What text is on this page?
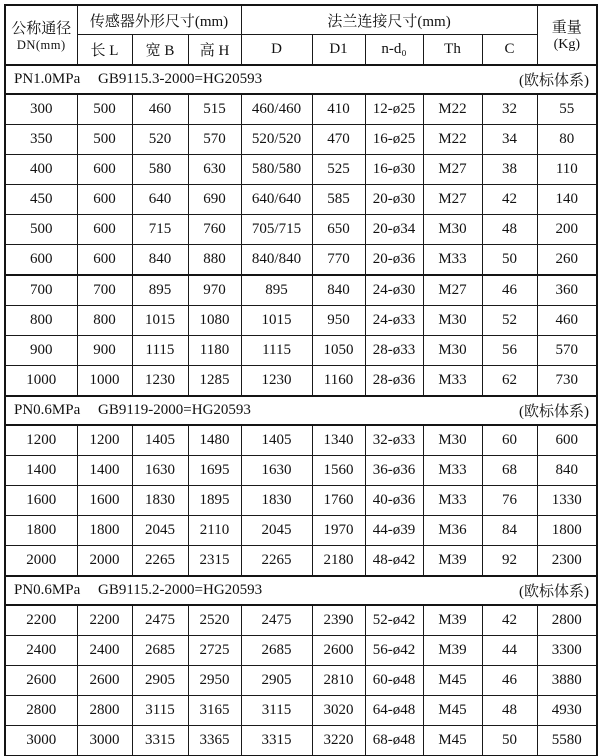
公称通径
DN(mm)
	传感器外形尺寸(mm)	法兰连接尺寸(mm)	重量
(Kg)

	长 L	宽 B	高 H	D	D1	n-d₀	Th	C	

PN1.0MPa GB9115.3-2000=HG20593 (欧标体系)									

300	500	460	515	460/460	410	12-ø25	M22	32	55
350	500	520	570	520/520	470	16-ø25	M22	34	80
400	600	580	630	580/580	525	16-ø30	M27	38	110
450	600	640	690	640/640	585	20-ø30	M27	42	140
500	600	715	760	705/715	650	20-ø34	M30	48	200
600	600	840	880	840/840	770	20-ø36	M33	50	260
700	700	895	970	895	840	24-ø30	M27	46	360
800	800	1015	1080	1015	950	24-ø33	M30	52	460
900	900	1115	1180	1115	1050	28-ø33	M30	56	570
1000	1000	1230	1285	1230	1160	28-ø36	M33	62	730

PN0.6MPa GB9119-2000=HG20593 (欧标体系)									

1200	1200	1405	1480	1405	1340	32-ø33	M30	60	600
1400	1400	1630	1695	1630	1560	36-ø36	M33	68	840
1600	1600	1830	1895	1830	1760	40-ø36	M33	76	1330
1800	1800	2045	2110	2045	1970	44-ø39	M36	84	1800
2000	2000	2265	2315	2265	2180	48-ø42	M39	92	2300

PN0.6MPa GB9115.2-2000=HG20593 (欧标体系)									

2200	2200	2475	2520	2475	2390	52-ø42	M39	42	2800
2400	2400	2685	2725	2685	2600	56-ø42	M39	44	3300
2600	2600	2905	2950	2905	2810	60-ø48	M45	46	3880
2800	2800	3115	3165	3115	3020	64-ø48	M45	48	4930
3000	3000	3315	3365	3315	3220	68-ø48	M45	50	5580
